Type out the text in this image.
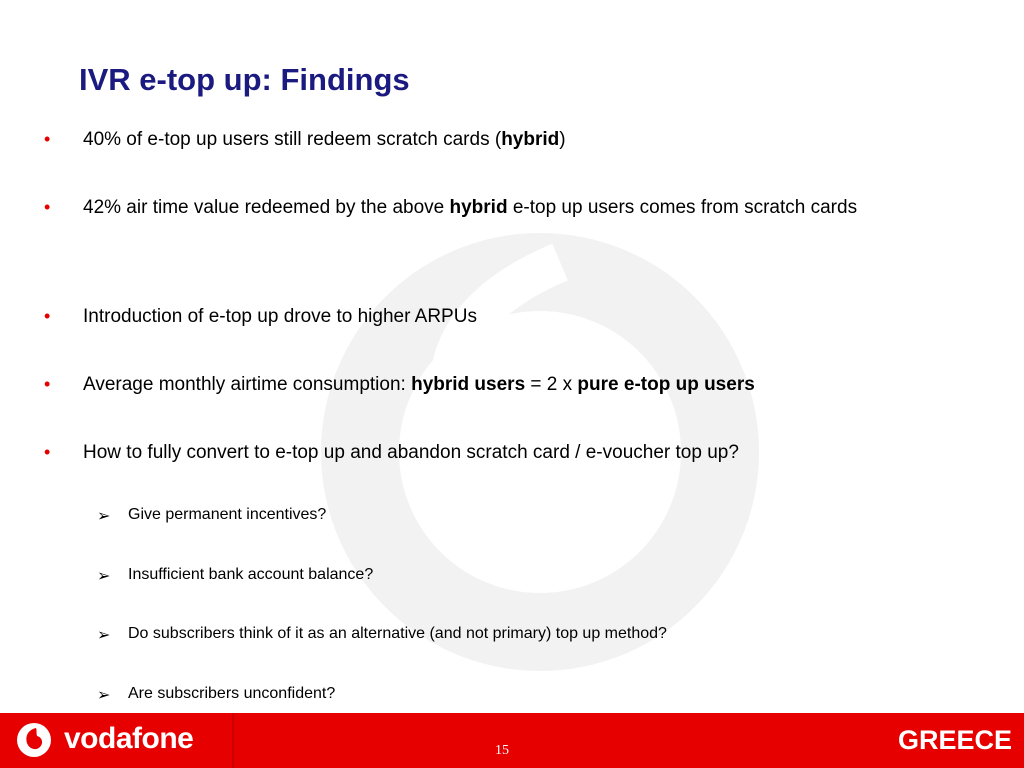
IVR e-top up: Findings
• 40% of e-top up users still redeem scratch cards (hybrid)
• 42% air time value redeemed by the above hybrid e-top up users comes from scratch cards
• Introduction of e-top up drove to higher ARPUs
• Average monthly airtime consumption: hybrid users = 2 x pure e-top up users
• How to fully convert to e-top up and abandon scratch card / e-voucher top up?
➢ Give permanent incentives?
➢ Insufficient bank account balance?
➢ Do subscribers think of it as an alternative (and not primary) top up method?
➢ Are subscribers unconfident?
vodafone	15	GREECE
